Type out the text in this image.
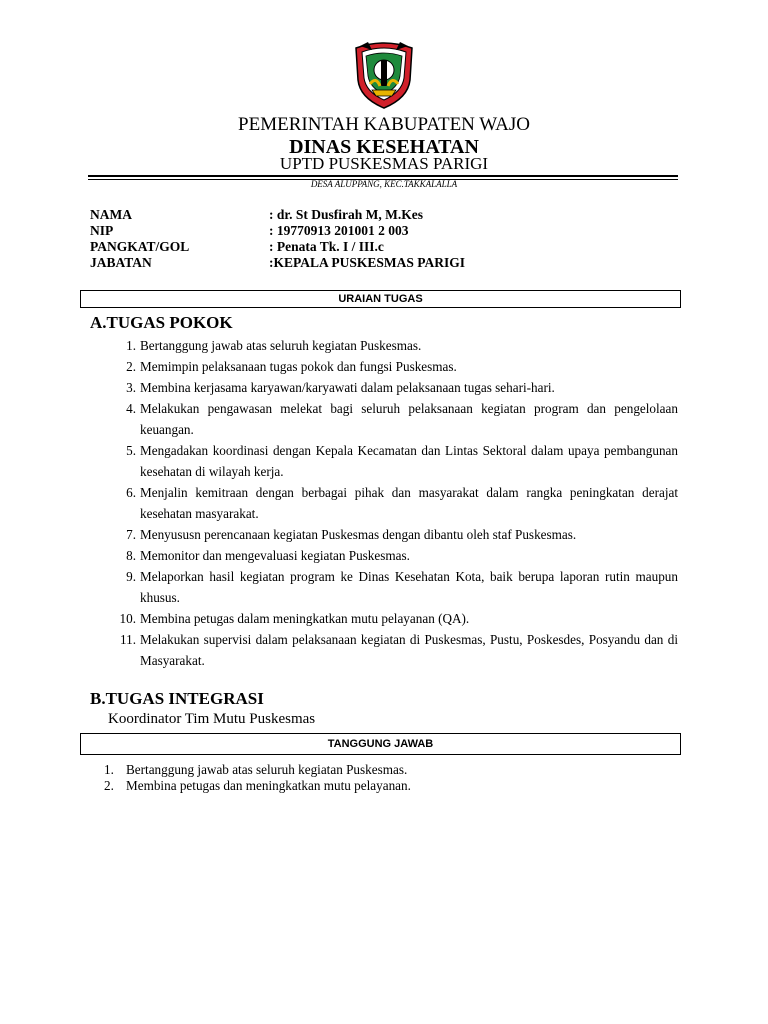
PEMERINTAH KABUPATEN WAJO
DINAS KESEHATAN
UPTD PUSKESMAS PARIGI
DESA ALUPPANG, KEC.TAKKALALLA
NAMA	: dr. St Dusfirah M, M.Kes
NIP	: 19770913 201001 2 003
PANGKAT/GOL	: Penata Tk. I / III.c
JABATAN	:KEPALA PUSKESMAS PARIGI
URAIAN TUGAS
A.TUGAS POKOK
1. Bertanggung jawab atas seluruh kegiatan Puskesmas.
2. Memimpin pelaksanaan tugas pokok dan fungsi Puskesmas.
3. Membina kerjasama karyawan/karyawati dalam pelaksanaan tugas sehari-hari.
4. Melakukan pengawasan melekat bagi seluruh pelaksanaan kegiatan program dan pengelolaan keuangan.
5. Mengadakan koordinasi dengan Kepala Kecamatan dan Lintas Sektoral dalam upaya pembangunan kesehatan di wilayah kerja.
6. Menjalin kemitraan dengan berbagai pihak dan masyarakat dalam rangka peningkatan derajat kesehatan masyarakat.
7. Menyususn perencanaan kegiatan Puskesmas dengan dibantu oleh staf Puskesmas.
8. Memonitor dan mengevaluasi kegiatan Puskesmas.
9. Melaporkan hasil kegiatan program ke Dinas Kesehatan Kota, baik berupa laporan rutin maupun khusus.
10. Membina petugas dalam meningkatkan mutu pelayanan (QA).
11. Melakukan supervisi dalam pelaksanaan kegiatan di Puskesmas, Pustu, Poskesdes, Posyandu dan di Masyarakat.
B.TUGAS INTEGRASI
Koordinator Tim Mutu Puskesmas
TANGGUNG JAWAB
1. Bertanggung jawab atas seluruh kegiatan Puskesmas.
2. Membina petugas dan meningkatkan mutu pelayanan.
